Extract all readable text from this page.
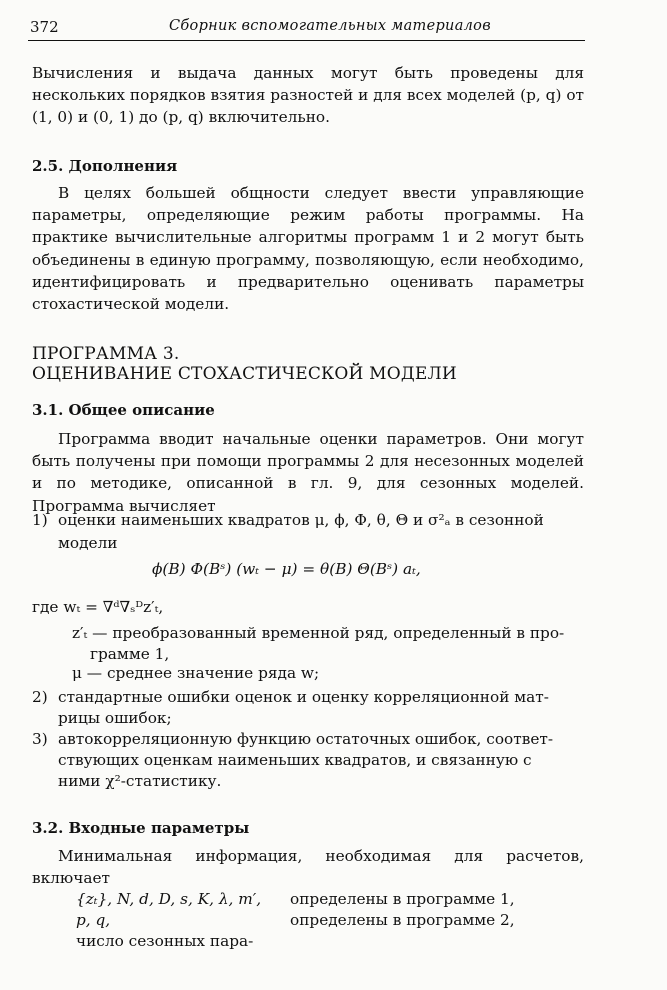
372	Сборник вспомогательных материалов
Вычисления и выдача данных могут быть проведены для нескольких порядков взятия разностей и для всех моделей (p, q) от (1, 0) и (0, 1) до (p, q) включительно.
2.5. Дополнения
В целях большей общности следует ввести управляющие параметры, определяющие режим работы программы. На практике вычислительные алгоритмы программ 1 и 2 могут быть объединены в единую программу, позволяющую, если необходимо, идентифицировать и предварительно оценивать параметры стохастической модели.
ПРОГРАММА 3.
ОЦЕНИВАНИЕ СТОХАСТИЧЕСКОЙ МОДЕЛИ
3.1. Общее описание
Программа вводит начальные оценки параметров. Они могут быть получены при помощи программы 2 для несезонных моделей и по методике, описанной в гл. 9, для сезонных моделей. Программа вычисляет
1) оценки наименьших квадратов μ, ϕ, Φ, θ, Θ и σ²ₐ в сезонной
модели
ϕ(B) Φ(Bˢ) (wₜ − μ) = θ(B) Θ(Bˢ) aₜ,
где wₜ = ∇ᵈ∇ₛᴰz′ₜ,
z′ₜ — преобразованный временной ряд, определенный в про-
грамме 1,
μ — среднее значение ряда w;
2) стандартные ошибки оценок и оценку корреляционной мат-
рицы ошибок;
3) автокорреляционную функцию остаточных ошибок, соответ-
ствующих оценкам наименьших квадратов, и связанную с
ними χ²-статистику.
3.2. Входные параметры
Минимальная информация, необходимая для расчетов, включает
{zₜ}, N, d, D, s, K, λ, m′, определены в программе 1,
p, q,	определены в программе 2,
число сезонных пара-
